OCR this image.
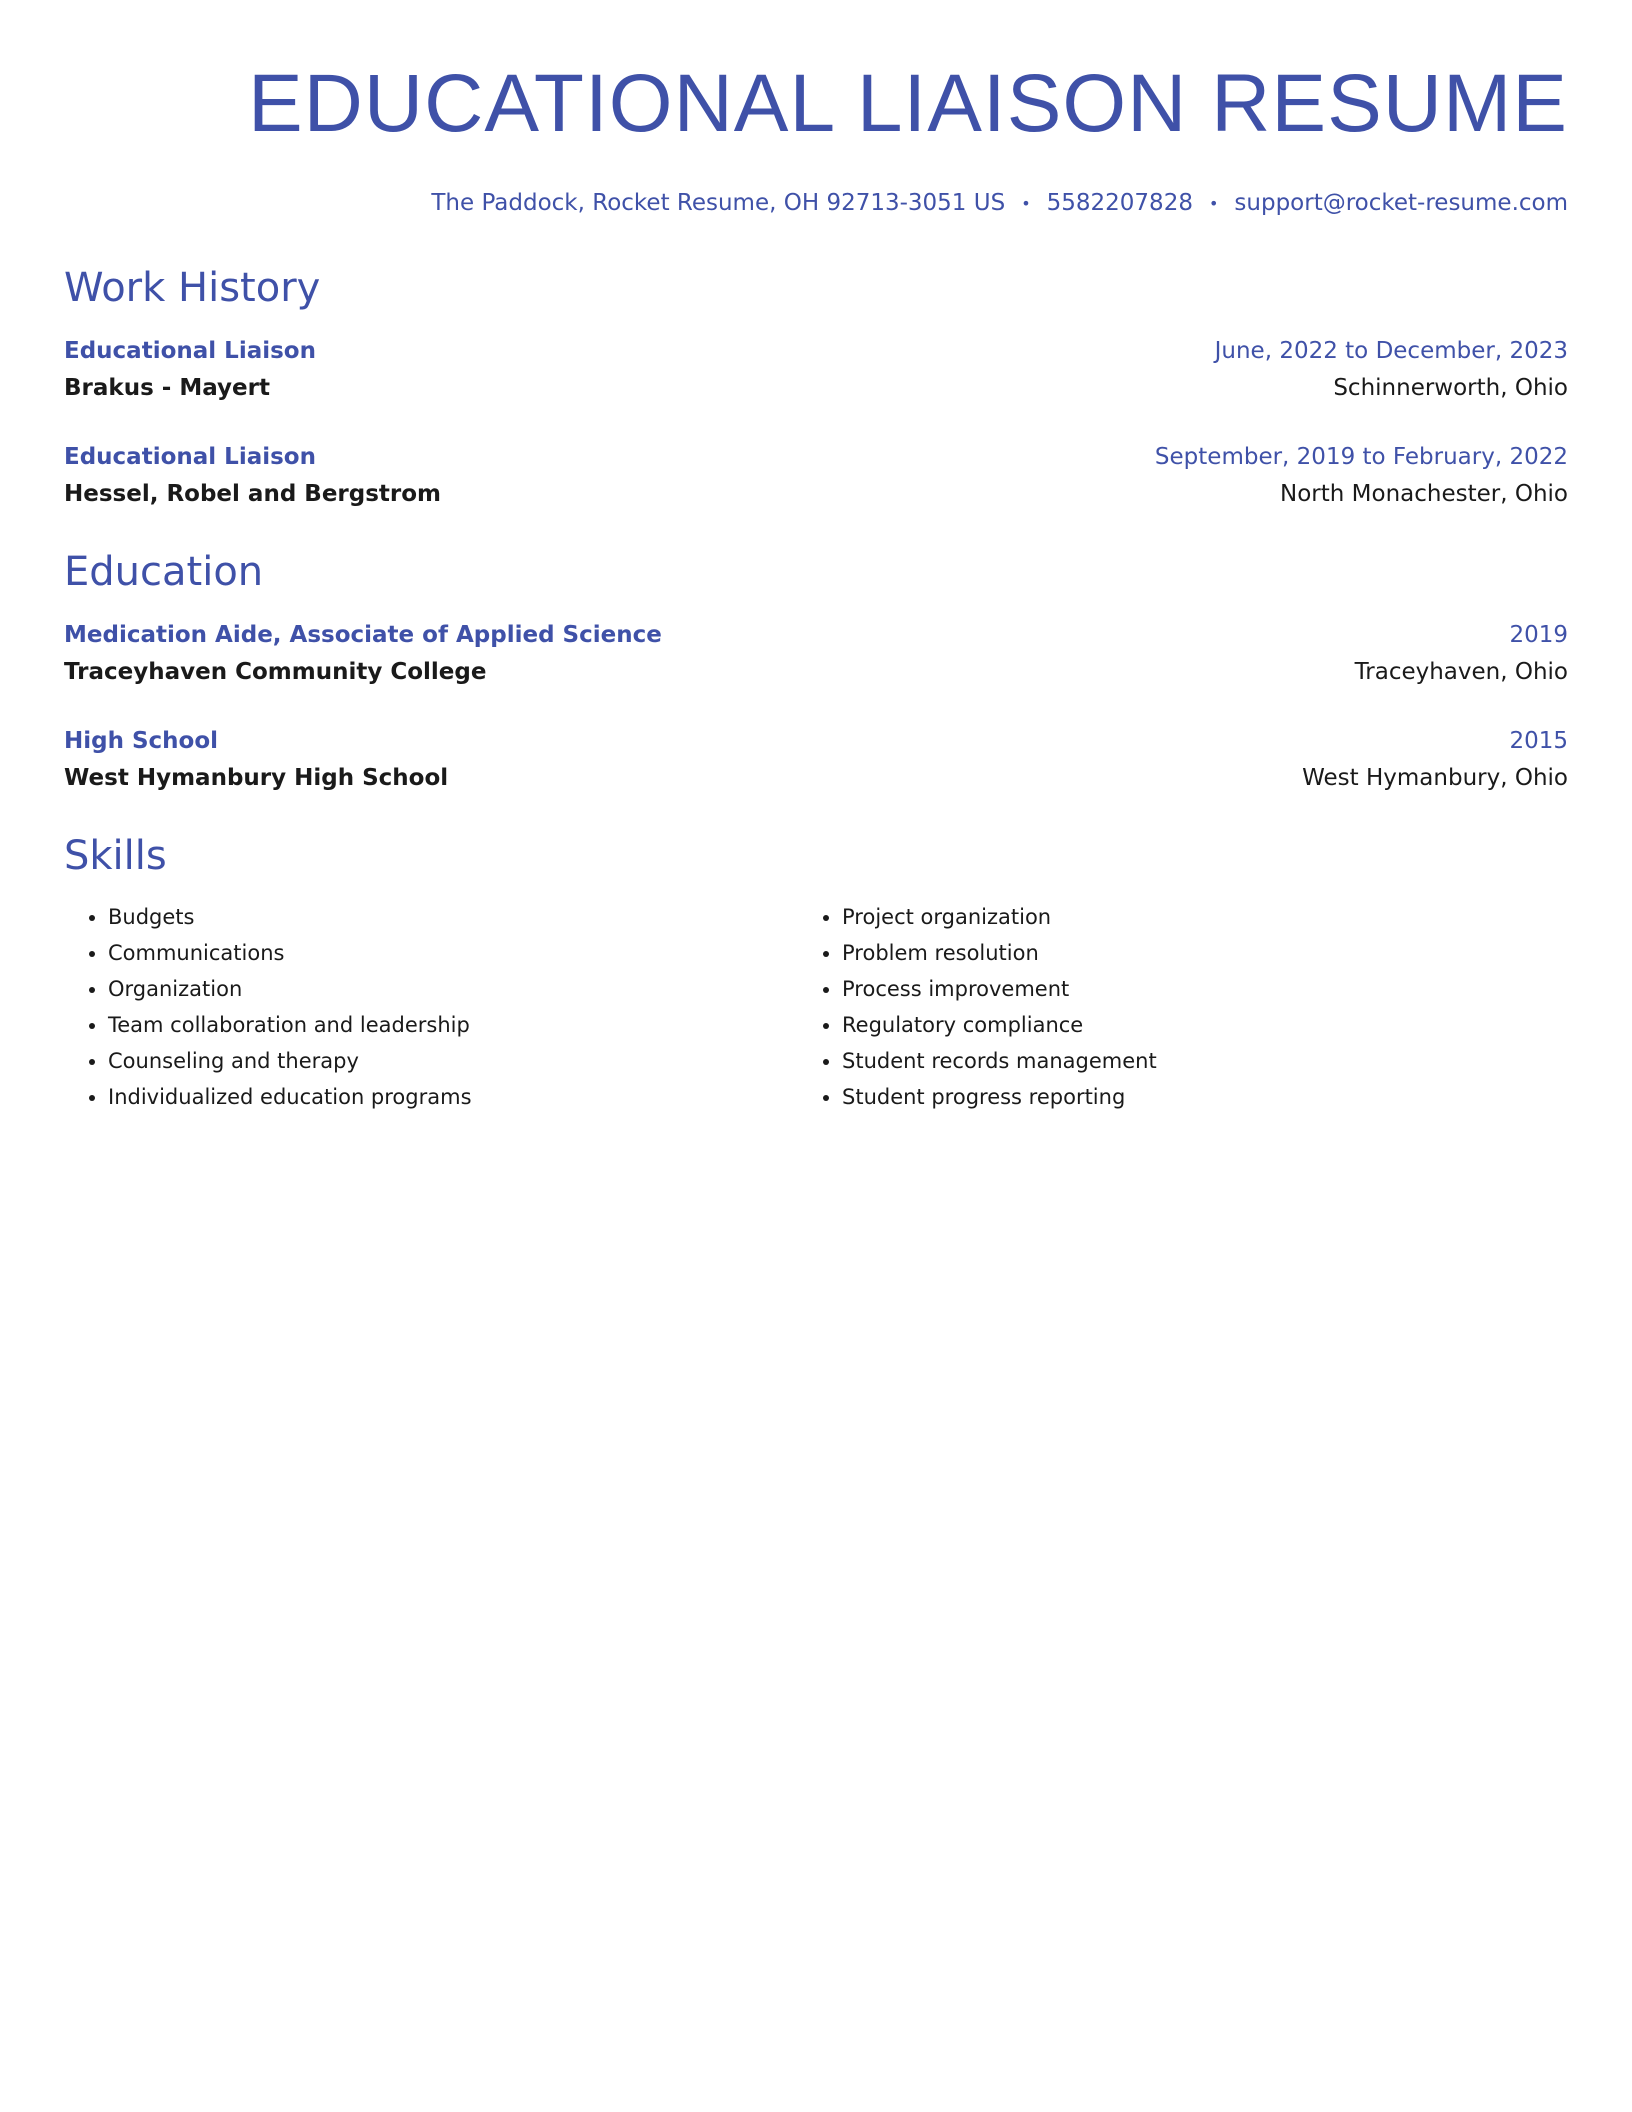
EDUCATIONAL LIAISON RESUME
The Paddock, Rocket Resume, OH 92713-3051 US • 5582207828 • support@rocket-resume.com
Work History
Educational Liaison	June, 2022 to December, 2023
Brakus - Mayert	Schinnerworth, Ohio
Educational Liaison	September, 2019 to February, 2022
Hessel, Robel and Bergstrom	North Monachester, Ohio
Education
Medication Aide, Associate of Applied Science	2019
Traceyhaven Community College	Traceyhaven, Ohio
High School	2015
West Hymanbury High School	West Hymanbury, Ohio
Skills
• Budgets
• Communications
• Organization
• Team collaboration and leadership
• Counseling and therapy
• Individualized education programs
• Project organization
• Problem resolution
• Process improvement
• Regulatory compliance
• Student records management
• Student progress reporting
